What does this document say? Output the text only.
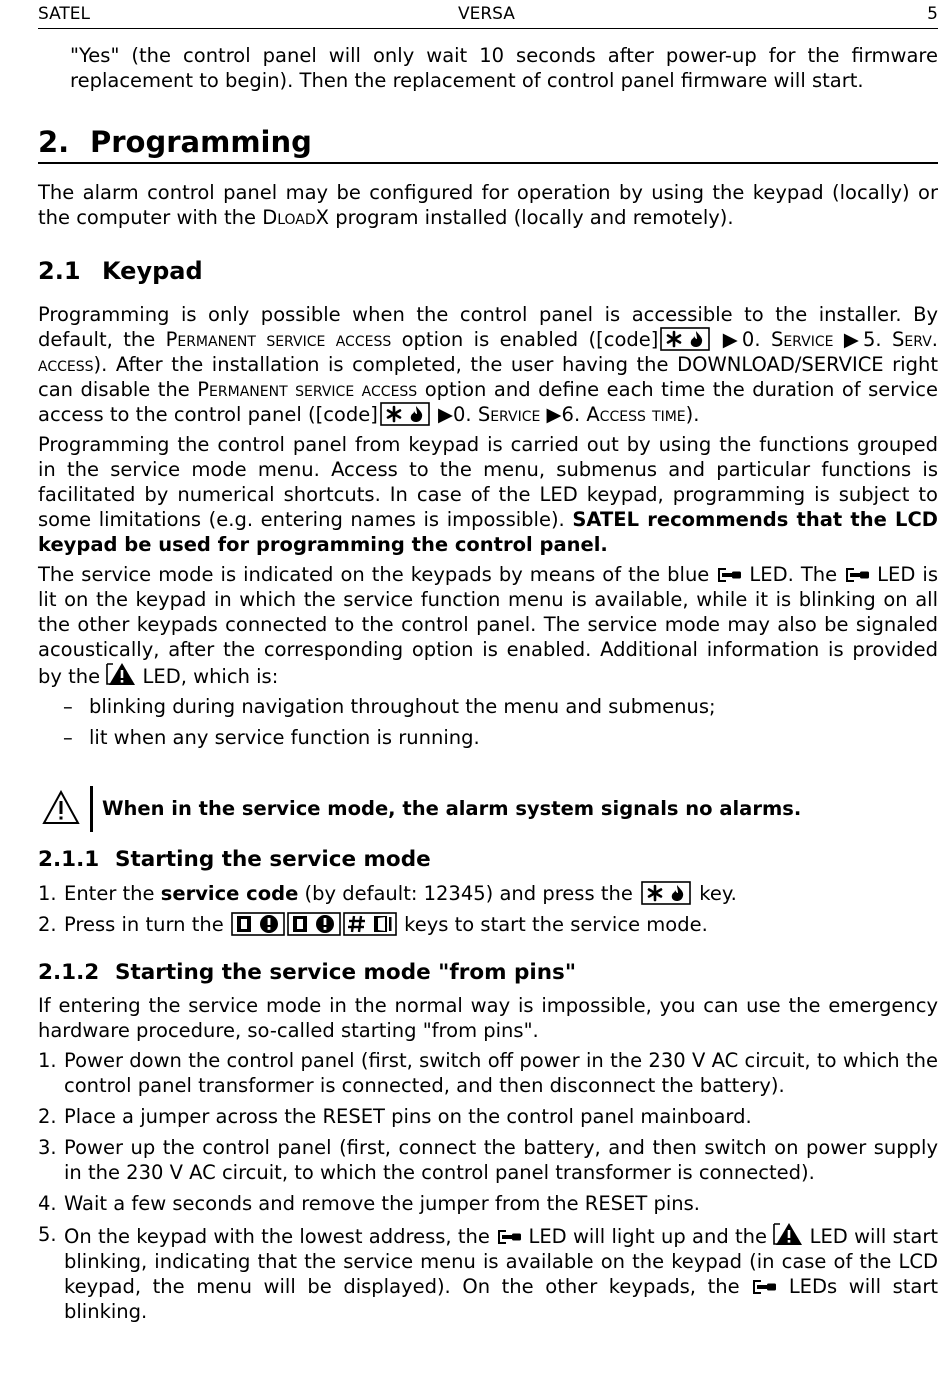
SATEL	VERSA	5

"Yes" (the control panel will only wait 10 seconds after power-up for the firmware

replacement to begin). Then the replacement of control panel firmware will start.

2. Programming

The alarm control panel may be configured for operation by using the keypad (locally) or the computer with the DloadX program installed (locally and remotely).

2.1 Keypad

Programming is only possible when the control panel is accessible to the installer. By default, the Permanent service access option is enabled ([code]	▶0. Service ▶5. Serv. access). After the installation is completed, the user having the DOWNLOAD/SERVICE right can disable the Permanent service access option and define each time the duration of service access to the control panel ([code]	▶0. Service ▶6. Access time).

Programming the control panel from keypad is carried out by using the functions grouped in the service mode menu. Access to the menu, submenus and particular functions is facilitated by numerical shortcuts. In case of the LED keypad, programming is subject to some limitations (e.g. entering names is impossible). SATEL recommends that the LCD keypad be used for programming the control panel.

The service mode is indicated on the keypads by means of the blue  LED. The  LED is lit on the keypad in which the service function menu is available, while it is blinking on all the other keypads connected to the control panel. The service mode may also be signaled acoustically, after the corresponding option is enabled. Additional information is provided by the  LED, which is:

– blinking during navigation throughout the menu and submenus;
– lit when any service function is running.
When in the service mode, the alarm system signals no alarms.
2.1.1 Starting the service mode
1. Enter the service code (by default: 12345) and press the	key.
2. Press in turn the	keys to start the service mode.
2.1.2 Starting the service mode "from pins"

If entering the service mode in the normal way is impossible, you can use the emergency hardware procedure, so-called starting "from pins".

1. Power down the control panel (first, switch off power in the 230 V AC circuit, to which the control panel transformer is connected, and then disconnect the battery).
2. Place a jumper across the RESET pins on the control panel mainboard.
3. Power up the control panel (first, connect the battery, and then switch on power supply in the 230 V AC circuit, to which the control panel transformer is connected).
4. Wait a few seconds and remove the jumper from the RESET pins.
5. On the keypad with the lowest address, the  LED will light up and the  LED will start blinking, indicating that the service menu is available on the keypad (in case of the LCD keypad, the menu will be displayed). On the other keypads, the  LEDs will start blinking.
